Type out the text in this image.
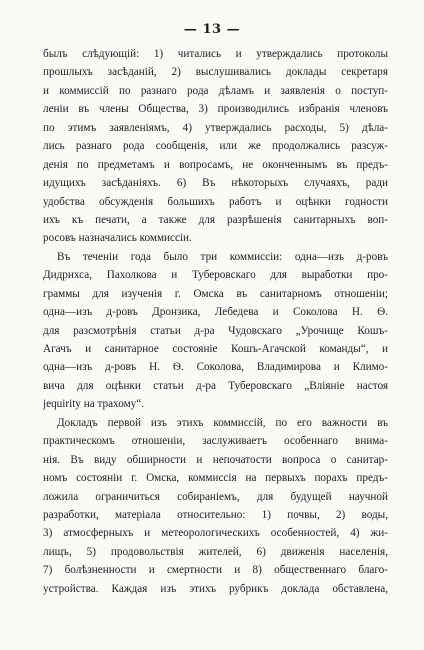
— 13 —
былъ слѣдующій: 1) читались и утверждались протоколы
прошлыхъ засѣданій, 2) выслушивались доклады секретаря
и коммиссій по разнаго рода дѣламъ и заявленія о поступ-
леніи въ члены Общества, 3) производились избранія членовъ
по этимъ заявленіямъ, 4) утверждались расходы, 5) дѣла-
лись разнаго рода сообщенія, или же продолжались разсуж-
денія по предметамъ и вопросамъ, не оконченнымъ въ предъ-
идущихъ засѣданіяхъ. 6) Въ нѣкоторыхъ случаяхъ, ради
удобства обсужденія большихъ работъ и оцѣнки годности
ихъ къ печати, а также для разрѣшенія санитарныхъ воп-
росовъ назначались коммиссіи.
Въ теченіи года было три коммиссіи: одна—изъ д-ровъ
Дидрихса, Пахолкова и Туберовскаго для выработки про-
граммы для изученія г. Омска въ санитарномъ отношеніи;
одна—изъ д-ровъ Дронзика, Лебедева и Соколова Н. Ѳ.
для разсмотрѣнія статьи д-ра Чудовскаго „Урочище Кошъ-
Агачъ и санитарное состояніе Кошъ-Агачской команды“, и
одна—изъ д-ровъ Н. Ѳ. Соколова, Владимирова и Климо-
вича для оцѣнки статьи д-ра Туберовскаго „Вліяніе настоя
jequirity на трахому“.
Докладъ первой изъ этихъ коммиссій, по его важности въ
практическомъ отношеніи, заслуживаетъ особеннаго внима-
нія. Въ виду обширности и непочатости вопроса о санитар-
номъ состояніи г. Омска, коммиссія на первыхъ порахъ предъ-
ложила ограничиться собираніемъ, для будущей научной
разработки, матеріала относительно: 1) почвы, 2) воды,
3) атмосферныхъ и метеорологическихъ особенностей, 4) жи-
лищъ, 5) продовольствія жителей, 6) движенія населенія,
7) болѣзненности и смертности и 8) общественнаго благо-
устройства. Каждая изъ этихъ рубрикъ доклада обставлена,
